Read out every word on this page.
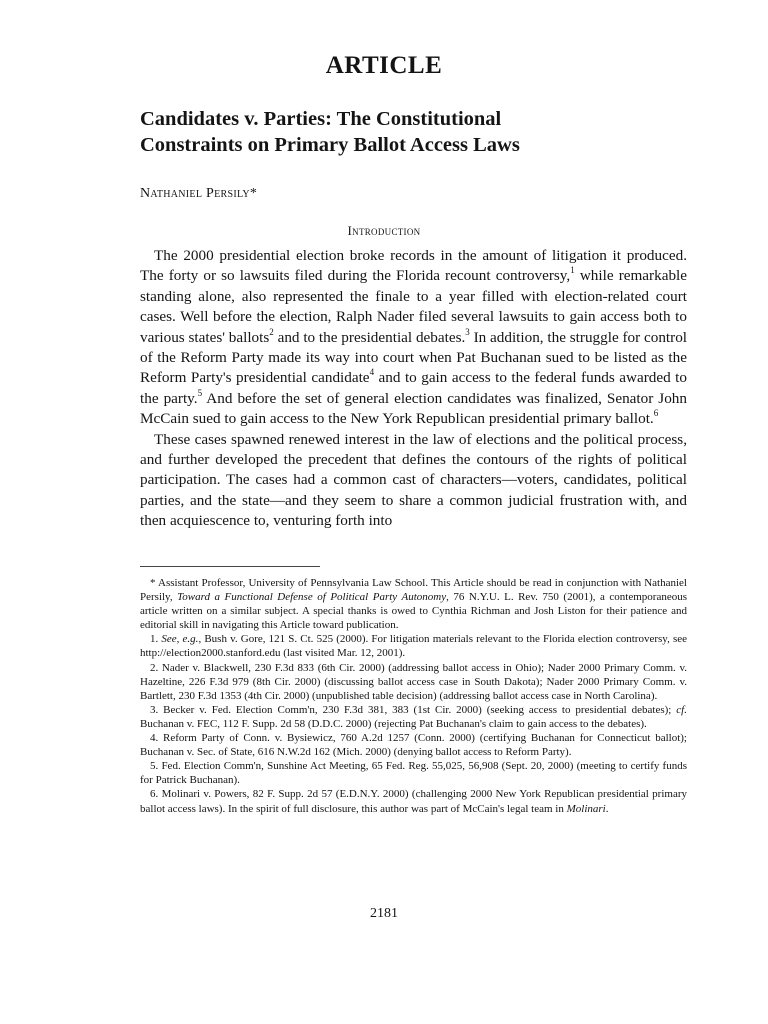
ARTICLE
Candidates v. Parties: The Constitutional
Constraints on Primary Ballot Access Laws
Nathaniel Persily*
Introduction

The 2000 presidential election broke records in the amount of litigation it produced. The forty or so lawsuits filed during the Florida recount controversy,$^1$ while remarkable standing alone, also represented the finale to a year filled with election-related court cases. Well before the election, Ralph Nader filed several lawsuits to gain access both to various states' ballots$^2$ and to the presidential debates.$^3$ In addition, the struggle for control of the Reform Party made its way into court when Pat Buchanan sued to be listed as the Reform Party's presidential candidate$^4$ and to gain access to the federal funds awarded to the party.$^5$ And before the set of general election candidates was finalized, Senator John McCain sued to gain access to the New York Republican presidential primary ballot.$^6$

These cases spawned renewed interest in the law of elections and the political process, and further developed the precedent that defines the contours of the rights of political participation. The cases had a common cast of characters—voters, candidates, political parties, and the state—and they seem to share a common judicial frustration with, and then acquiescence to, venturing forth into

* Assistant Professor, University of Pennsylvania Law School. This Article should be read in conjunction with Nathaniel Persily, Toward a Functional Defense of Political Party Autonomy, 76 N.Y.U. L. Rev. 750 (2001), a contemporaneous article written on a similar subject. A special thanks is owed to Cynthia Richman and Josh Liston for their patience and editorial skill in navigating this Article toward publication.

1. See, e.g., Bush v. Gore, 121 S. Ct. 525 (2000). For litigation materials relevant to the Florida election controversy, see http://election2000.stanford.edu (last visited Mar. 12, 2001).

2. Nader v. Blackwell, 230 F.3d 833 (6th Cir. 2000) (addressing ballot access in Ohio); Nader 2000 Primary Comm. v. Hazeltine, 226 F.3d 979 (8th Cir. 2000) (discussing ballot access case in South Dakota); Nader 2000 Primary Comm. v. Bartlett, 230 F.3d 1353 (4th Cir. 2000) (unpublished table decision) (addressing ballot access case in North Carolina).

3. Becker v. Fed. Election Comm'n, 230 F.3d 381, 383 (1st Cir. 2000) (seeking access to presidential debates); cf. Buchanan v. FEC, 112 F. Supp. 2d 58 (D.D.C. 2000) (rejecting Pat Buchanan's claim to gain access to the debates).

4. Reform Party of Conn. v. Bysiewicz, 760 A.2d 1257 (Conn. 2000) (certifying Buchanan for Connecticut ballot); Buchanan v. Sec. of State, 616 N.W.2d 162 (Mich. 2000) (denying ballot access to Reform Party).

5. Fed. Election Comm'n, Sunshine Act Meeting, 65 Fed. Reg. 55,025, 56,908 (Sept. 20, 2000) (meeting to certify funds for Patrick Buchanan).

6. Molinari v. Powers, 82 F. Supp. 2d 57 (E.D.N.Y. 2000) (challenging 2000 New York Republican presidential primary ballot access laws). In the spirit of full disclosure, this author was part of McCain's legal team in Molinari.

2181
